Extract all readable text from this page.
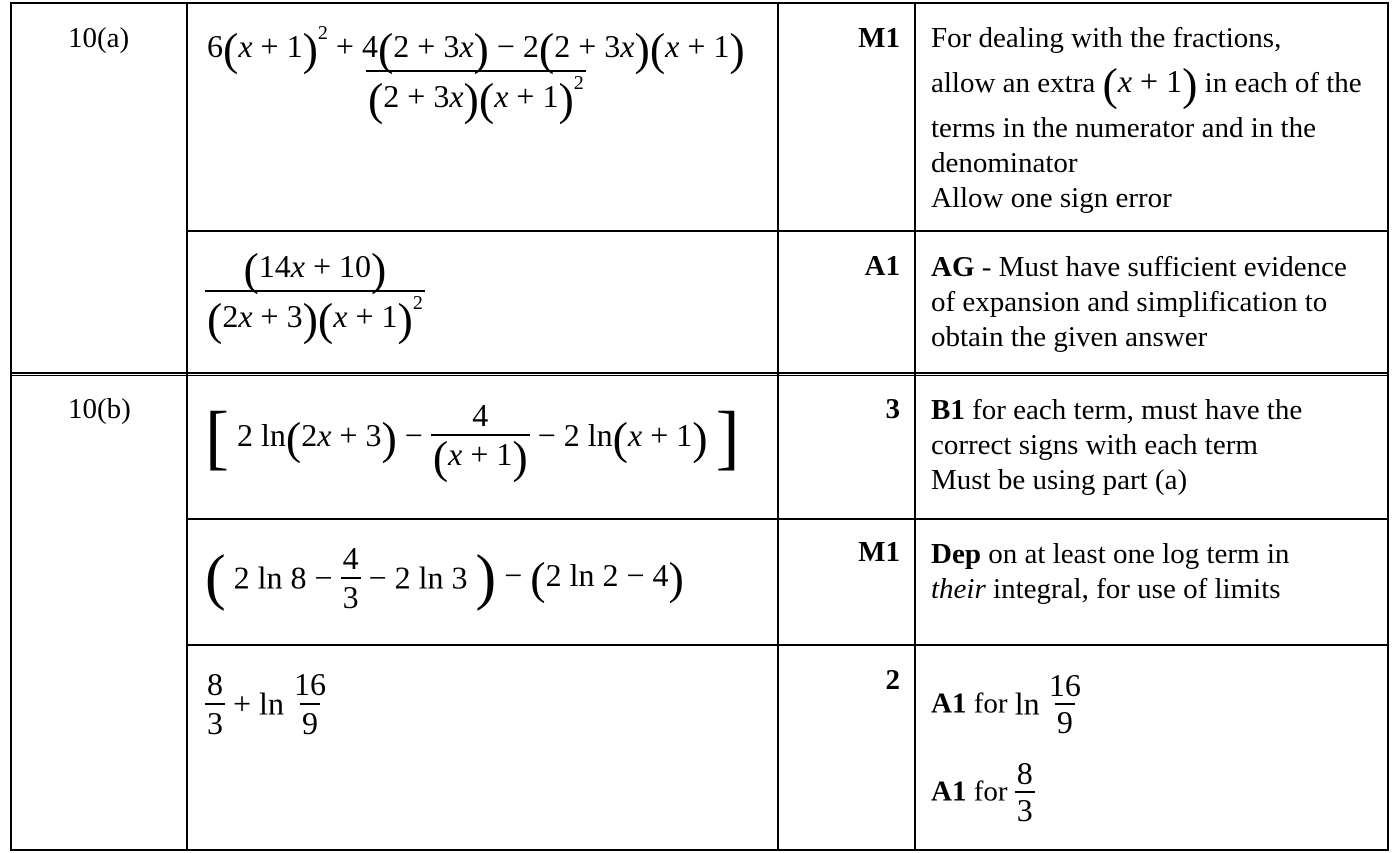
10(a)
10(b)
M1
A1
3
M1
2
$\frac{6(x + 1)^2 + 4(2 + 3x) - 2(2 + 3x)(x + 1)}{(2 + 3x)(x + 1)^2}$
$\frac{(14x + 10)}{(2x + 3)(x + 1)^2}$
[ 2 $\ln(2x + 3) - \frac{4}{(x + 1)} - 2$ ln(x + 1) ]
( 2 $\ln 8 - \frac{4}{3} - 2$ ln 3 ) − (2 ln 2 − 4)
$\frac{8}{3} + \ln \frac{16}{9}$
For dealing with the fractions,
allow an extra (x + 1) in each of the
terms in the numerator and in the
denominator
Allow one sign error
AG - Must have sufficient evidence
of expansion and simplification to
obtain the given answer
B1 for each term, must have the
correct signs with each term
Must be using part (a)
Dep on at least one log term in
their integral, for use of limits
A1 for $\ln \frac{16}{9}$
A1 for $\frac{8}{3}$
